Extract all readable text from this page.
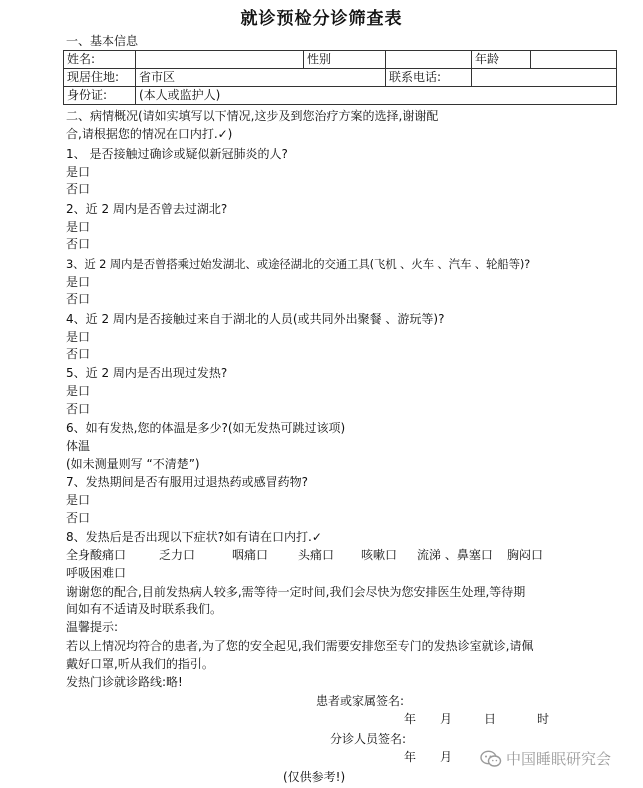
就诊预检分诊筛查表
一、基本信息
姓名:		性别		年龄	
现居住地:	省市区		联系电话:		
身份证:	(本人或监护人)				
二、病情概况(请如实填写以下情况,这步及到您治疗方案的选择,谢谢配
合,请根据您的情况在口内打.✓)
1、 是否接触过确诊或疑似新冠肺炎的人?
是口
否口
2、近 2 周内是否曾去过湖北?
是口
否口
3、近 2 周内是否曾搭乘过始发湖北、或途径湖北的交通工具(飞机 、火车 、汽车 、轮船等)?
是口
否口
4、近 2 周内是否接触过来自于湖北的人员(或共同外出聚餐 、游玩等)?
是口
否口
5、近 2 周内是否出现过发热?
是口
否口
6、如有发热,您的体温是多少?(如无发热可跳过该项)
体温
(如未测量则写 “不清楚”)
7、发热期间是否有服用过退热药或感冒药物?
是口
否口
8、发热后是否出现以下症状?如有请在口内打.✓
全身酸痛口	乏力口	咽痛口 头痛口 咳嗽口 流涕 、鼻塞口 胸闷口
呼吸困难口
谢谢您的配合,目前发热病人较多,需等待一定时间,我们会尽快为您安排医生处理,等待期
间如有不适请及时联系我们。
温馨提示:
若以上情况均符合的患者,为了您的安全起见,我们需要安排您至专门的发热诊室就诊,请佩
戴好口罩,听从我们的指引。
发热门诊就诊路线:略!
患者或家属签名:
年 月	日	时
分诊人员签名:
年 月
(仅供参考!)
中国睡眠研究会
